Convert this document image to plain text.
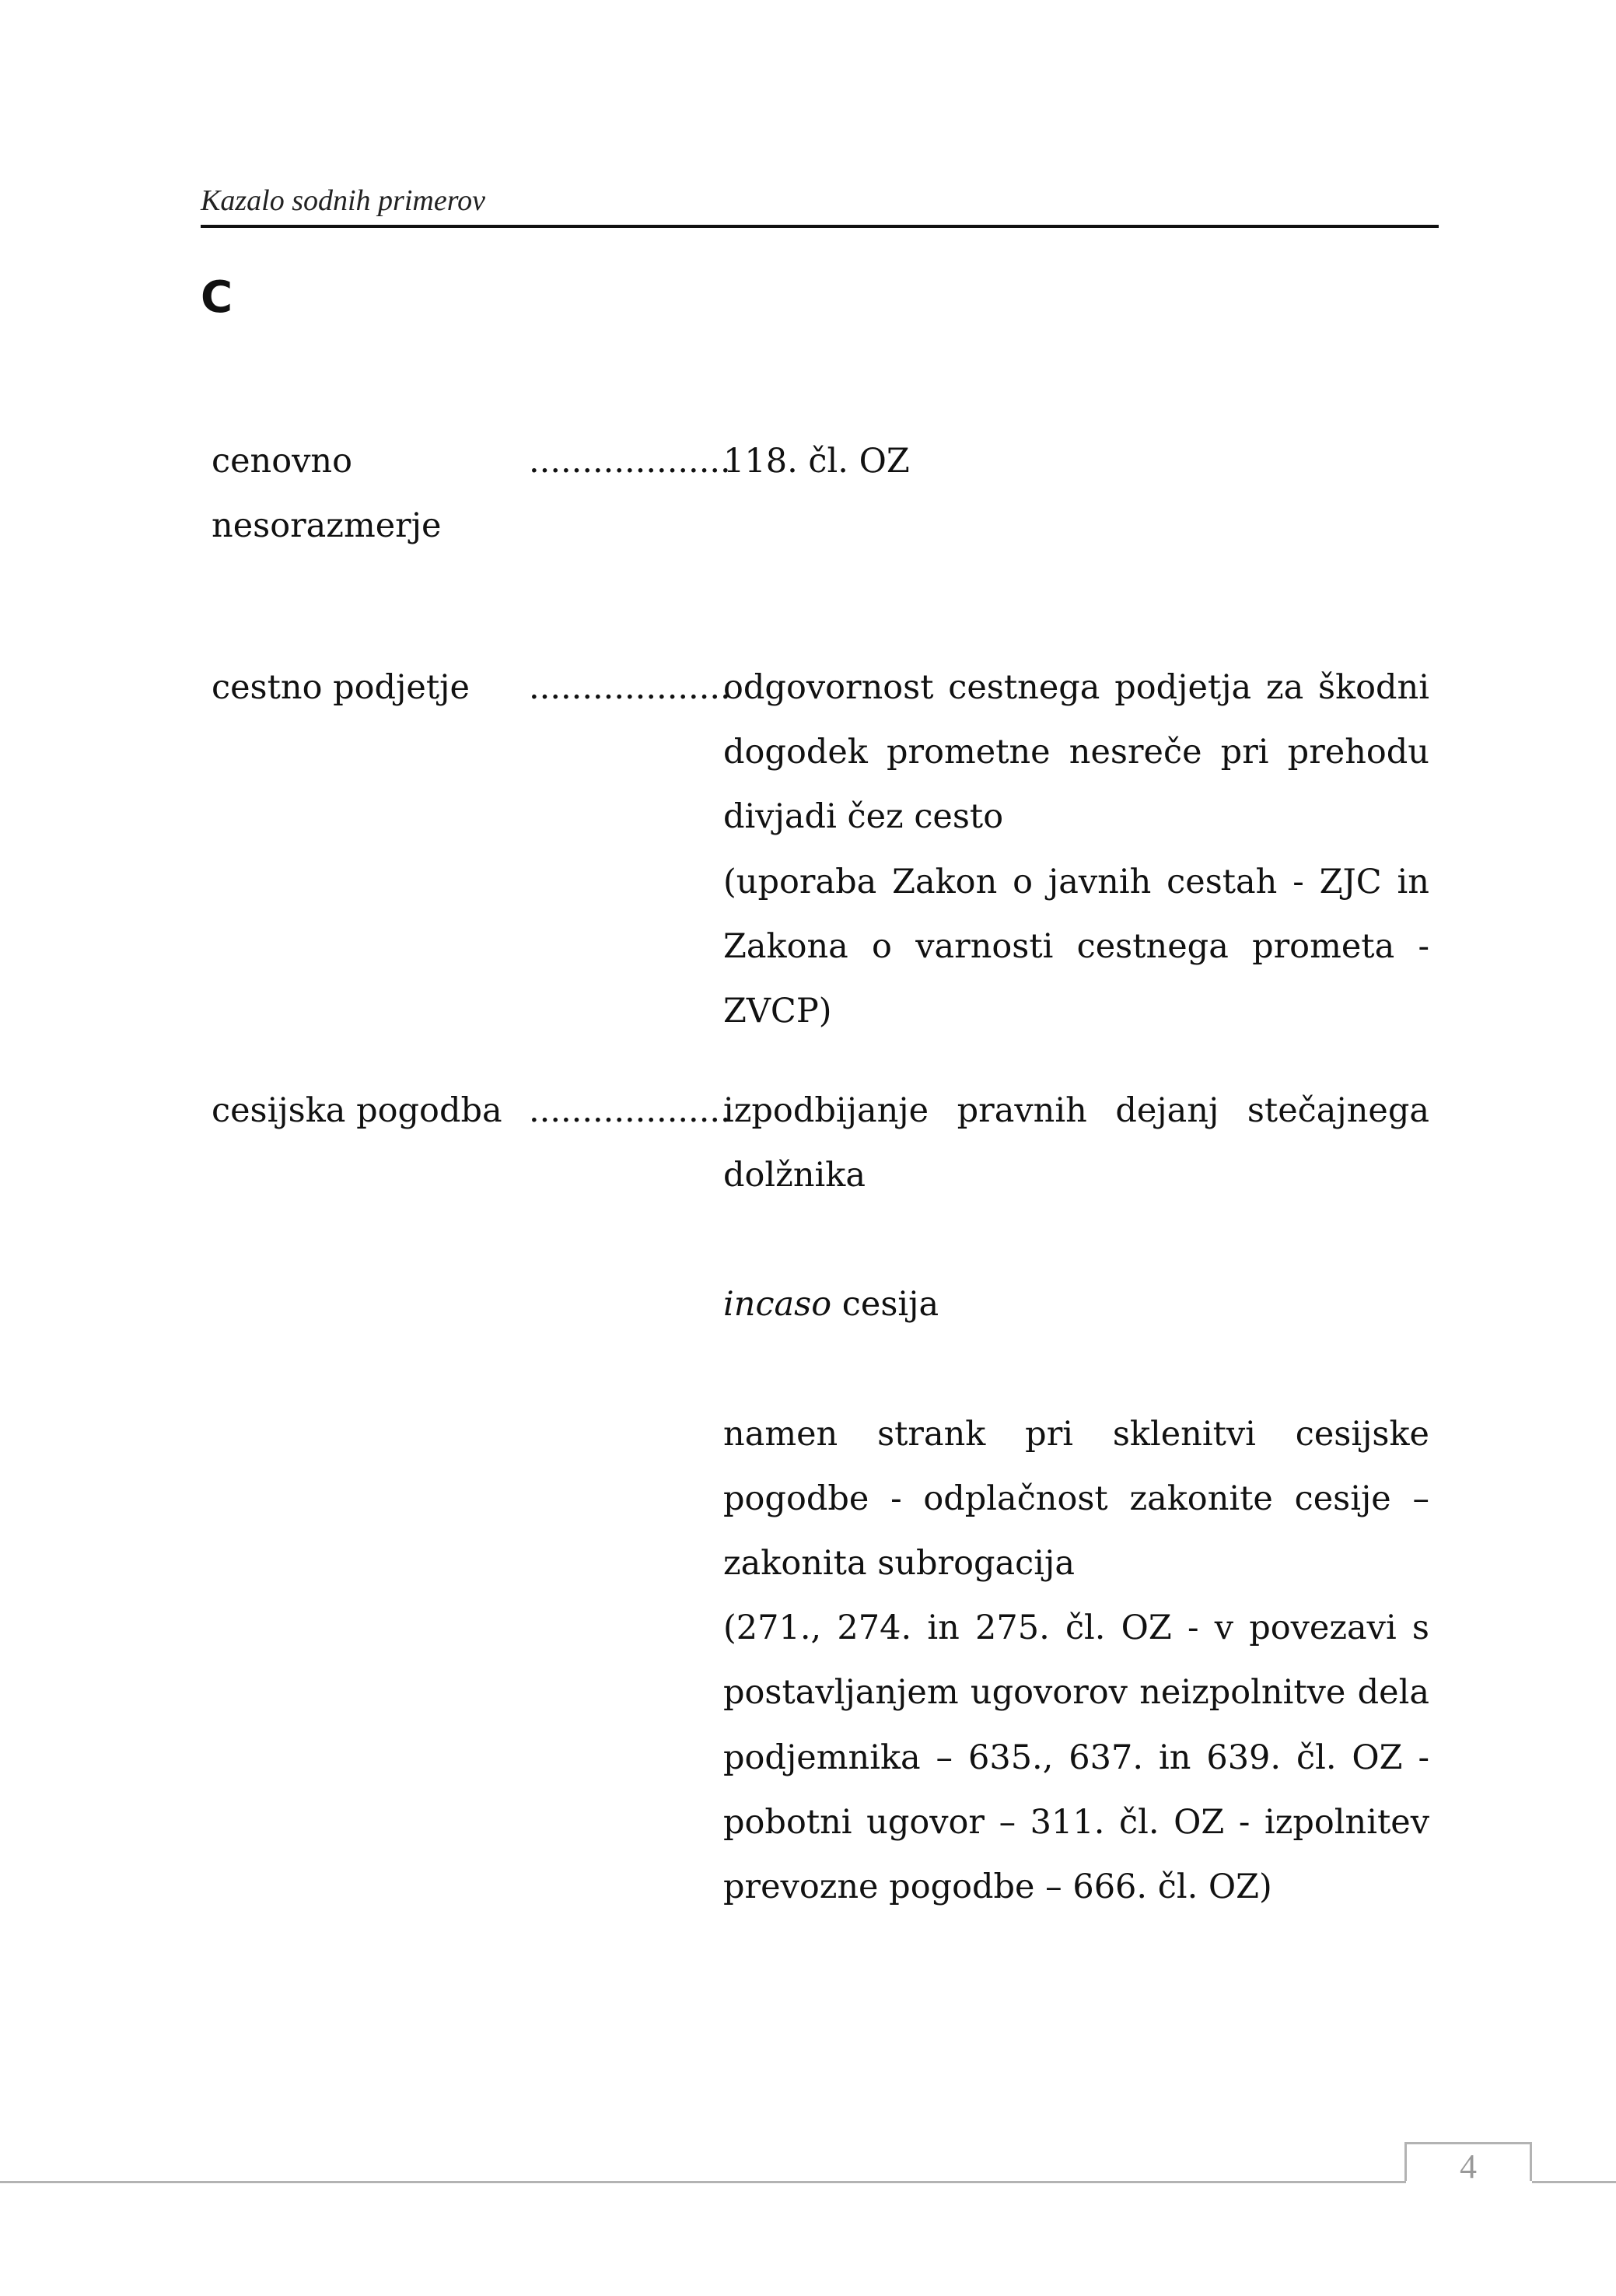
Kazalo sodnih primerov
C
cenovno nesorazmerje
...................

118. čl. OZ

cestno podjetje	...................

odgovornost cestnega podjetja za škodni dogodek prometne nesreče pri prehodu divjadi čez cesto

(uporaba Zakon o javnih cestah - ZJC in Zakona o varnosti cestnega prometa - ZVCP)

cesijska pogodba ...................

izpodbijanje pravnih dejanj stečajnega dolžnika

incaso cesija

namen strank pri sklenitvi cesijske pogodbe - odplačnost zakonite cesije – zakonita subrogacija

(271., 274. in 275. čl. OZ - v povezavi s postavljanjem ugovorov neizpolnitve dela podjemnika – 635., 637. in 639. čl. OZ - pobotni ugovor – 311. čl. OZ - izpolnitev prevozne pogodbe – 666. čl. OZ)

4
